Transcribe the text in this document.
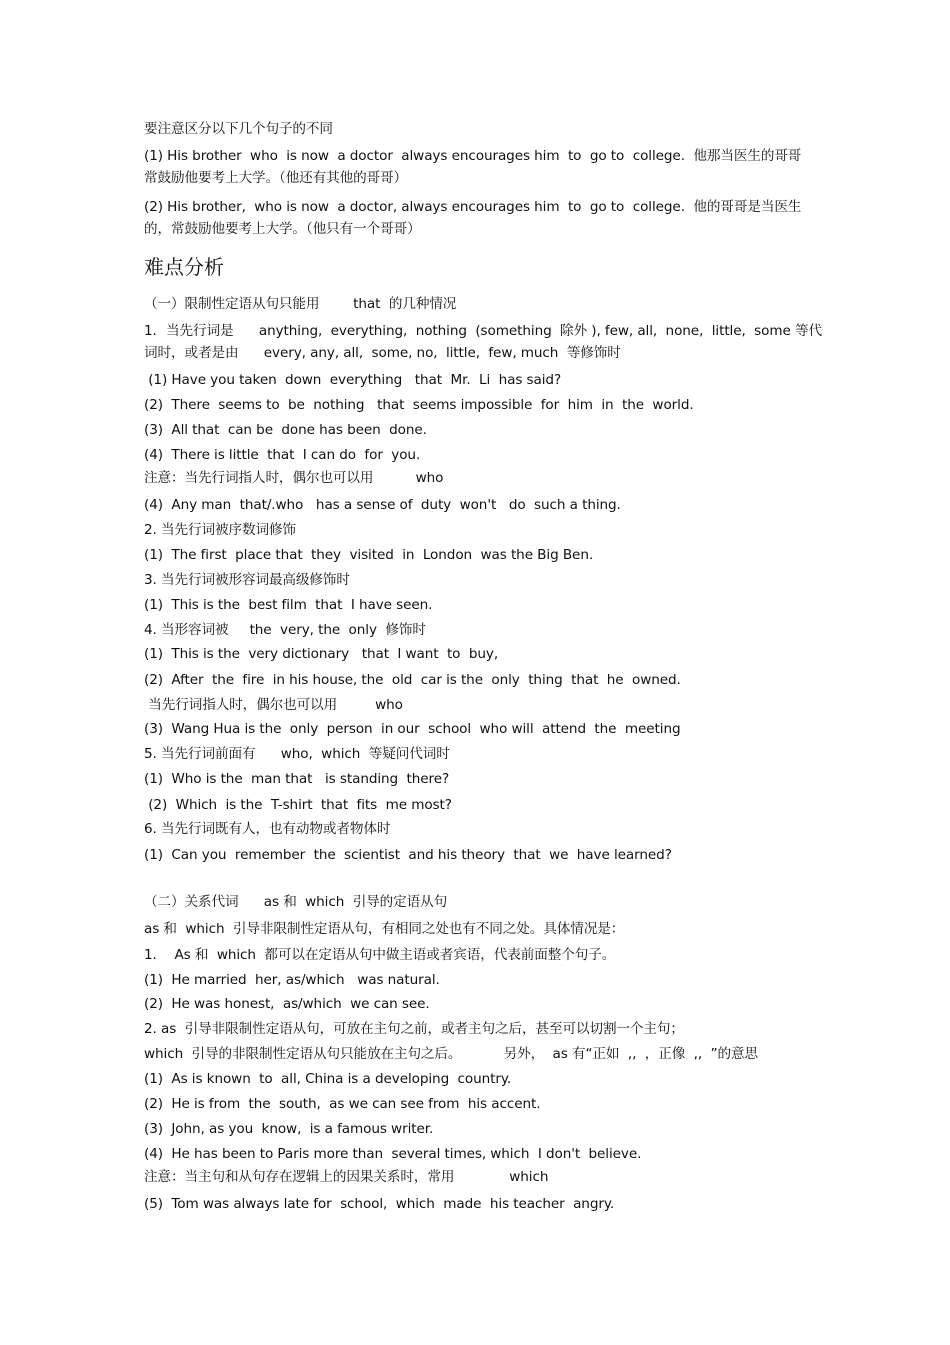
要注意区分以下几个句子的不同
(1) His brother  who  is now  a doctor  always encourages him  to  go to  college.  他那当医生的哥哥
常鼓励他要考上大学。（他还有其他的哥哥）
(2) His brother,  who is now  a doctor, always encourages him  to  go to  college.  他的哥哥是当医生
的，常鼓励他要考上大学。（他只有一个哥哥）
难点分析
（一）限制性定语从句只能用        that  的几种情况
1．当先行词是      anything,  everything,  nothing  (something  除外 ), few, all,  none,  little,  some 等代
词时，或者是由      every, any, all,  some, no,  little,  few, much  等修饰时
(1) Have you taken  down  everything   that  Mr.  Li  has said?
(2)  There  seems to  be  nothing   that  seems impossible  for  him  in  the  world.
(3)  All that  can be  done has been  done.
(4)  There is little  that  I can do  for  you.
注意：当先行词指人时，偶尔也可以用          who
(4)  Any man  that/.who   has a sense of  duty  won't   do  such a thing.
2. 当先行词被序数词修饰
(1)  The first  place that  they  visited  in  London  was the Big Ben.
3. 当先行词被形容词最高级修饰时
(1)  This is the  best film  that  I have seen.
4. 当形容词被     the  very, the  only  修饰时
(1)  This is the  very dictionary   that  I want  to  buy,
(2)  After  the  fire  in his house, the  old  car is the  only  thing  that  he  owned.
当先行词指人时，偶尔也可以用         who
(3)  Wang Hua is the  only  person  in our  school  who will  attend  the  meeting
5. 当先行词前面有      who,  which  等疑问代词时
(1)  Who is the  man that   is standing  there?
(2)  Which  is the  T-shirt  that  fits  me most?
6. 当先行词既有人，也有动物或者物体时
(1)  Can you  remember  the  scientist  and his theory  that  we  have learned?
（二）关系代词      as 和  which  引导的定语从句
as 和  which  引导非限制性定语从句，有相同之处也有不同之处。具体情况是：
1．  As 和  which  都可以在定语从句中做主语或者宾语，代表前面整个句子。
(1)  He married  her, as/which   was natural.
(2)  He was honest,  as/which  we can see.
2. as  引导非限制性定语从句，可放在主句之前，或者主句之后，甚至可以切割一个主句；
which  引导的非限制性定语从句只能放在主句之后。          另外，  as 有“正如  ,,  ，正像  ,,  ”的意思
(1)  As is known  to  all, China is a developing  country.
(2)  He is from  the  south,  as we can see from  his accent.
(3)  John, as you  know,  is a famous writer.
(4)  He has been to Paris more than  several times, which  I don't  believe.
注意：当主句和从句存在逻辑上的因果关系时，常用             which
(5)  Tom was always late for  school,  which  made  his teacher  angry.
